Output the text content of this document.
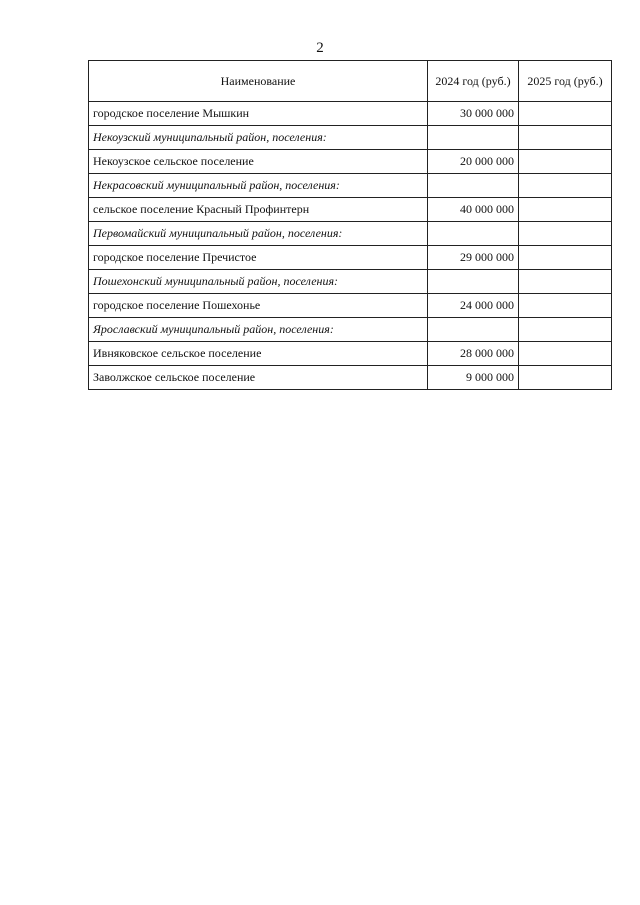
2
Наименование	2024 год (руб.)	2025 год (руб.)
городское поселение Мышкин	30 000 000	
Некоузский муниципальный район, поселения:		
Некоузское сельское поселение	20 000 000	
Некрасовский муниципальный район, поселения:		
сельское поселение Красный Профинтерн	40 000 000	
Первомайский муниципальный район, поселения:		
городское поселение Пречистое	29 000 000	
Пошехонский муниципальный район, поселения:		
городское поселение Пошехонье	24 000 000	
Ярославский муниципальный район, поселения:		
Ивняковское сельское поселение	28 000 000	
Заволжское сельское поселение	9 000 000	
